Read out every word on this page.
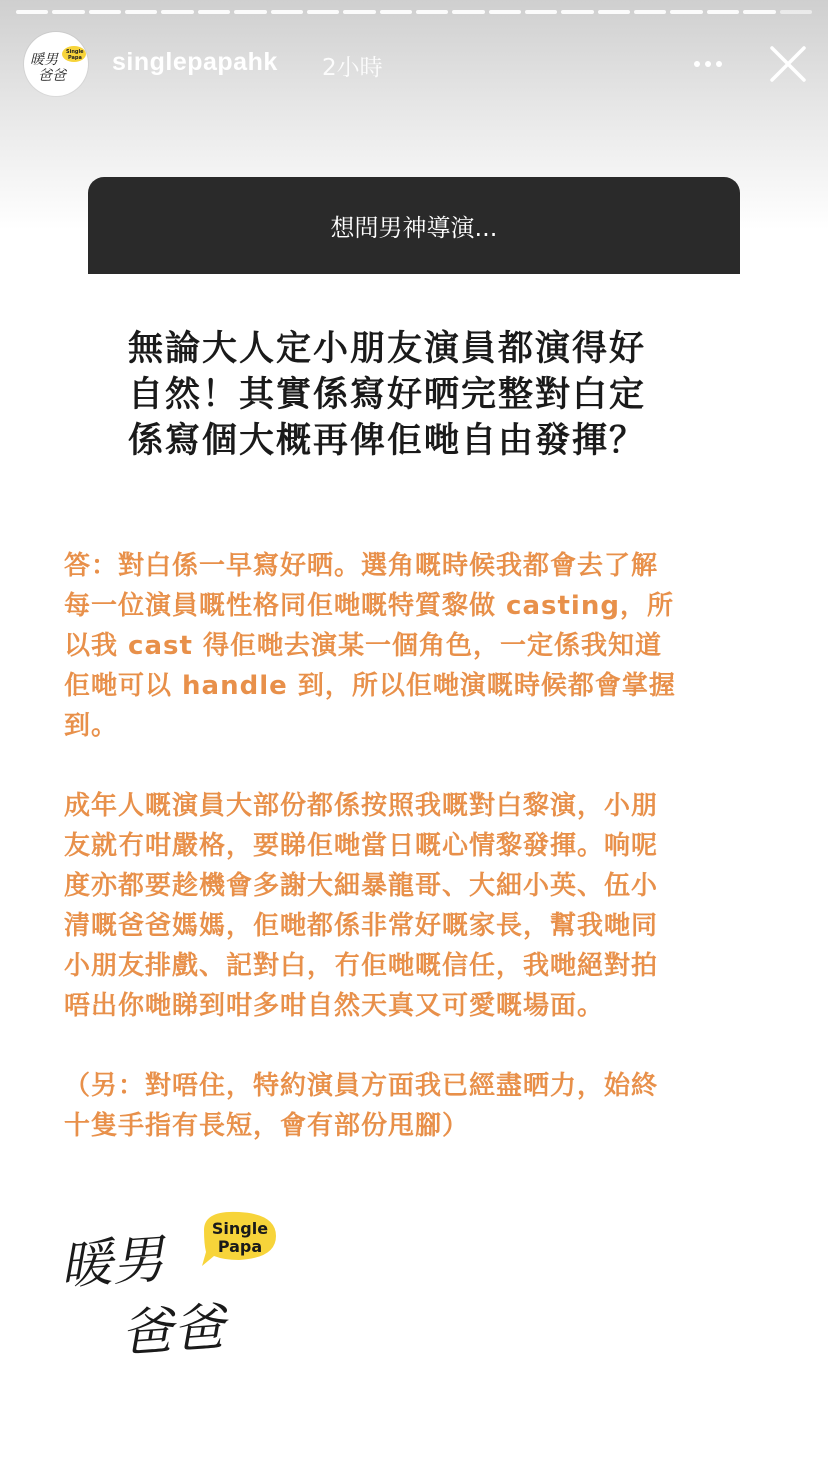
暖男
爸爸
Single
Papa singlepapahk 2小時
想問男神導演...
無論大人定小朋友演員都演得好
自然！其實係寫好晒完整對白定
係寫個大概再俾佢哋自由發揮？
答：對白係一早寫好晒。選角嘅時候我都會去了解
每一位演員嘅性格同佢哋嘅特質黎做 casting，所
以我 cast 得佢哋去演某一個角色，一定係我知道
佢哋可以 handle 到，所以佢哋演嘅時候都會掌握
到。
成年人嘅演員大部份都係按照我嘅對白黎演，小朋
友就冇咁嚴格，要睇佢哋當日嘅心情黎發揮。响呢
度亦都要趁機會多謝大細暴龍哥、大細小英、伍小
清嘅爸爸媽媽，佢哋都係非常好嘅家長，幫我哋同
小朋友排戲、記對白，冇佢哋嘅信任，我哋絕對拍
唔出你哋睇到咁多咁自然天真又可愛嘅場面。
（另：對唔住，特約演員方面我已經盡晒力，始終
十隻手指有長短，會有部份甩腳）
暖男
爸爸
Single
Papa
